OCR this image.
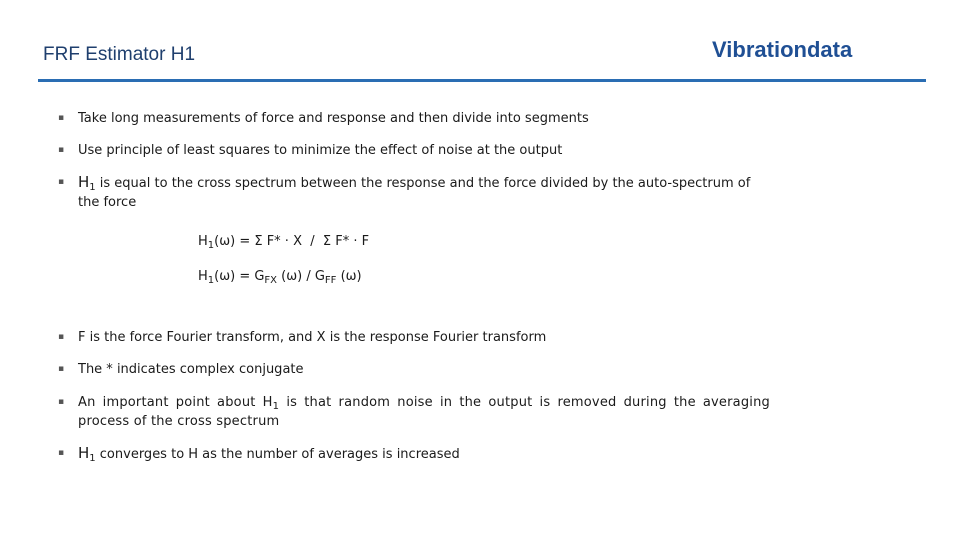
FRF Estimator H1	Vibrationdata
▪ Take long measurements of force and response and then divide into segments
▪ Use principle of least squares to minimize the effect of noise at the output
▪ $H_1$ is equal to the cross spectrum between the response and the force divided by the auto-spectrum of the force
$H_1(\omega) = \Sigma$ F* · X  /  Σ F* · F
$H_1(\omega) = G_{FX}$ $(\omega) / G_{FF}$ (ω)
▪ F is the force Fourier transform, and X is the response Fourier transform
▪ The * indicates complex conjugate
▪ An important point about $H_1$ is that random noise in the output is removed during the averaging process of the cross spectrum
▪ $H_1$ converges to H as the number of averages is increased
